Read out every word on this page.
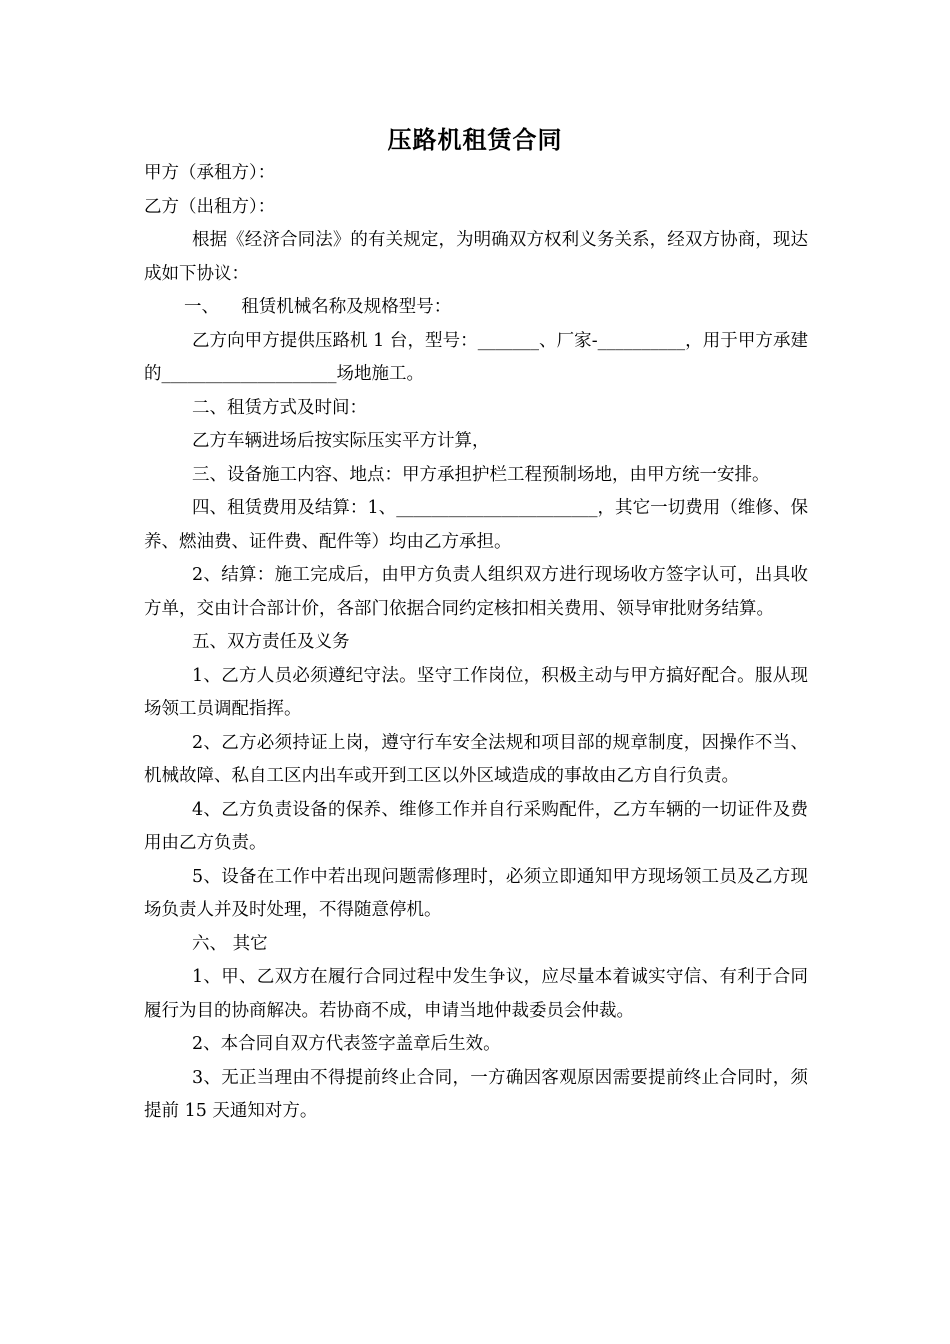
压路机租赁合同

甲方（承租方）：

乙方（出租方）：

根据《经济合同法》的有关规定，为明确双方权利义务关系，经双方协商，现达成如下协议：

一、    租赁机械名称及规格型号：

乙方向甲方提供压路机 1 台，型号：_______、厂家-__________，用于甲方承建的____________________场地施工。

二、租赁方式及时间：

乙方车辆进场后按实际压实平方计算，

三、设备施工内容、地点：甲方承担护栏工程预制场地，由甲方统一安排。

四、租赁费用及结算：1、_______________________，其它一切费用（维修、保养、燃油费、证件费、配件等）均由乙方承担。

2、结算：施工完成后，由甲方负责人组织双方进行现场收方签字认可，出具收方单，交由计合部计价，各部门依据合同约定核扣相关费用、领导审批财务结算。

五、双方责任及义务

1、乙方人员必须遵纪守法。坚守工作岗位，积极主动与甲方搞好配合。服从现场领工员调配指挥。

2、乙方必须持证上岗，遵守行车安全法规和项目部的规章制度，因操作不当、机械故障、私自工区内出车或开到工区以外区域造成的事故由乙方自行负责。

4、乙方负责设备的保养、维修工作并自行采购配件，乙方车辆的一切证件及费用由乙方负责。

5、设备在工作中若出现问题需修理时，必须立即通知甲方现场领工员及乙方现场负责人并及时处理，不得随意停机。

六、 其它

1、甲、乙双方在履行合同过程中发生争议，应尽量本着诚实守信、有利于合同履行为目的协商解决。若协商不成，申请当地仲裁委员会仲裁。

2、本合同自双方代表签字盖章后生效。

3、无正当理由不得提前终止合同，一方确因客观原因需要提前终止合同时，须提前 15 天通知对方。
